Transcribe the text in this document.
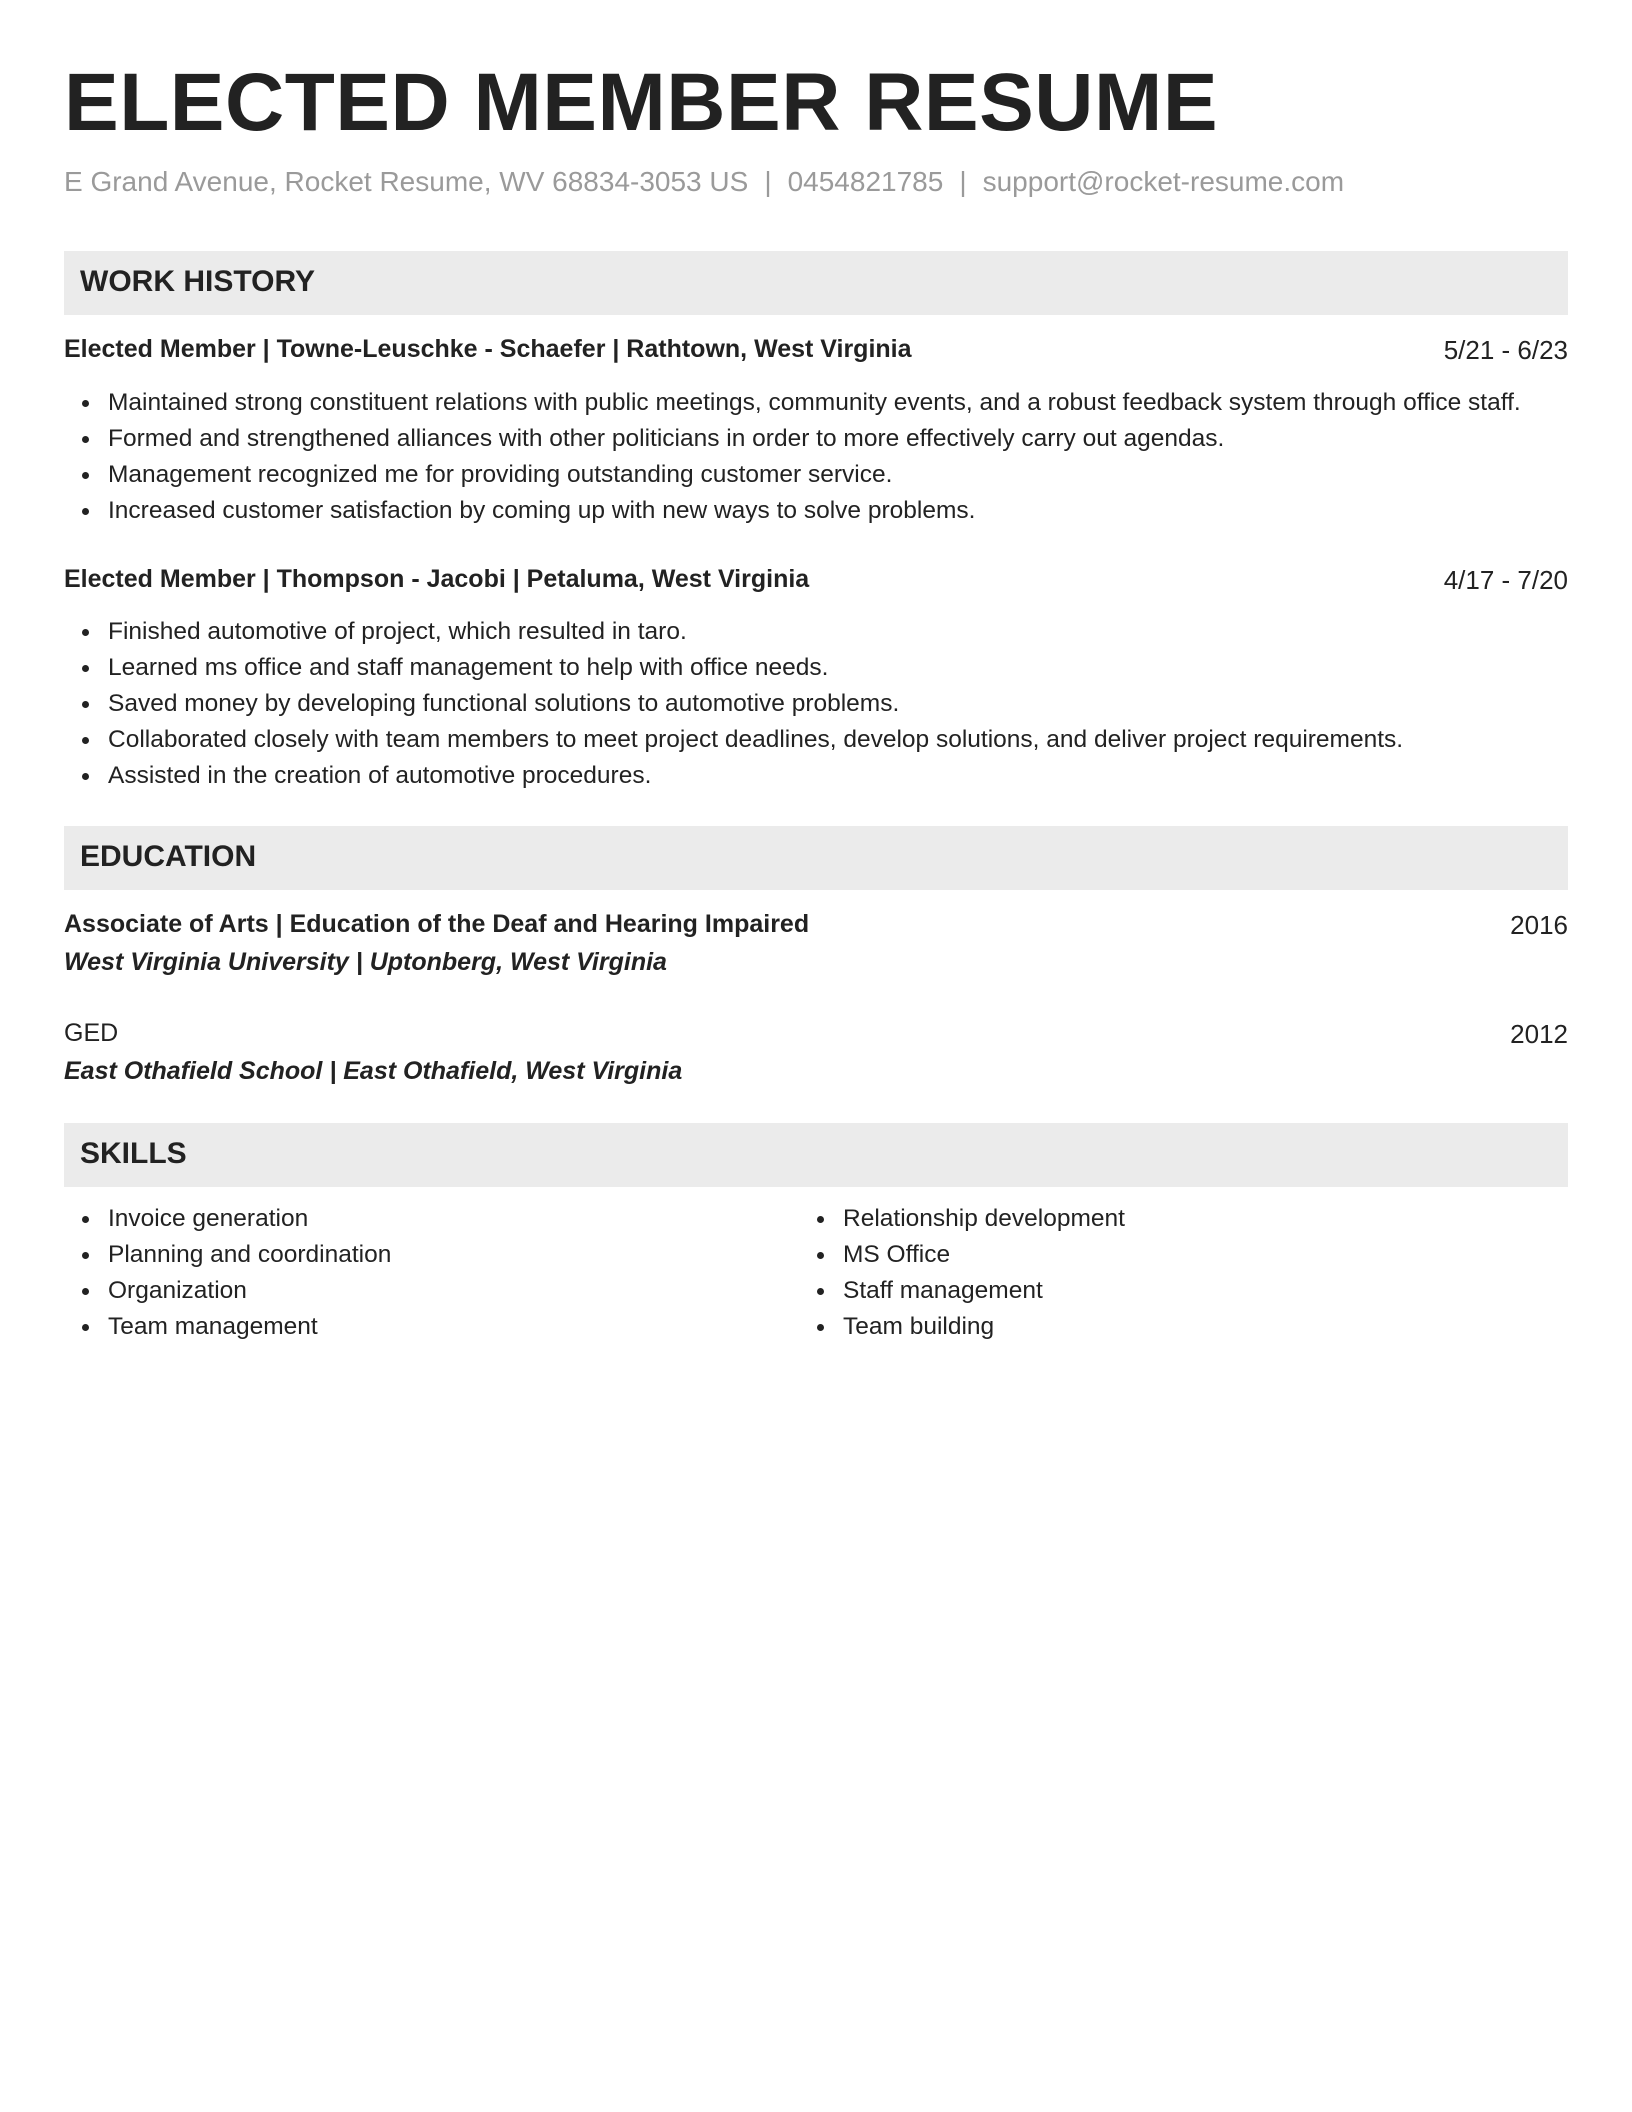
ELECTED MEMBER RESUME
E Grand Avenue, Rocket Resume, WV 68834-3053 US | 0454821785 | support@rocket-resume.com
WORK HISTORY
Elected Member | Towne-Leuschke - Schaefer | Rathtown, West Virginia	5/21 - 6/23
Maintained strong constituent relations with public meetings, community events, and a robust feedback system through office staff.
Formed and strengthened alliances with other politicians in order to more effectively carry out agendas.
Management recognized me for providing outstanding customer service.
Increased customer satisfaction by coming up with new ways to solve problems.
Elected Member | Thompson - Jacobi | Petaluma, West Virginia	4/17 - 7/20
Finished automotive of project, which resulted in taro.
Learned ms office and staff management to help with office needs.
Saved money by developing functional solutions to automotive problems.
Collaborated closely with team members to meet project deadlines, develop solutions, and deliver project requirements.
Assisted in the creation of automotive procedures.
EDUCATION
Associate of Arts | Education of the Deaf and Hearing Impaired	2016
West Virginia University | Uptonberg, West Virginia
GED	2012
East Othafield School | East Othafield, West Virginia
SKILLS
Invoice generation
Planning and coordination
Organization
Team management
Relationship development
MS Office
Staff management
Team building
